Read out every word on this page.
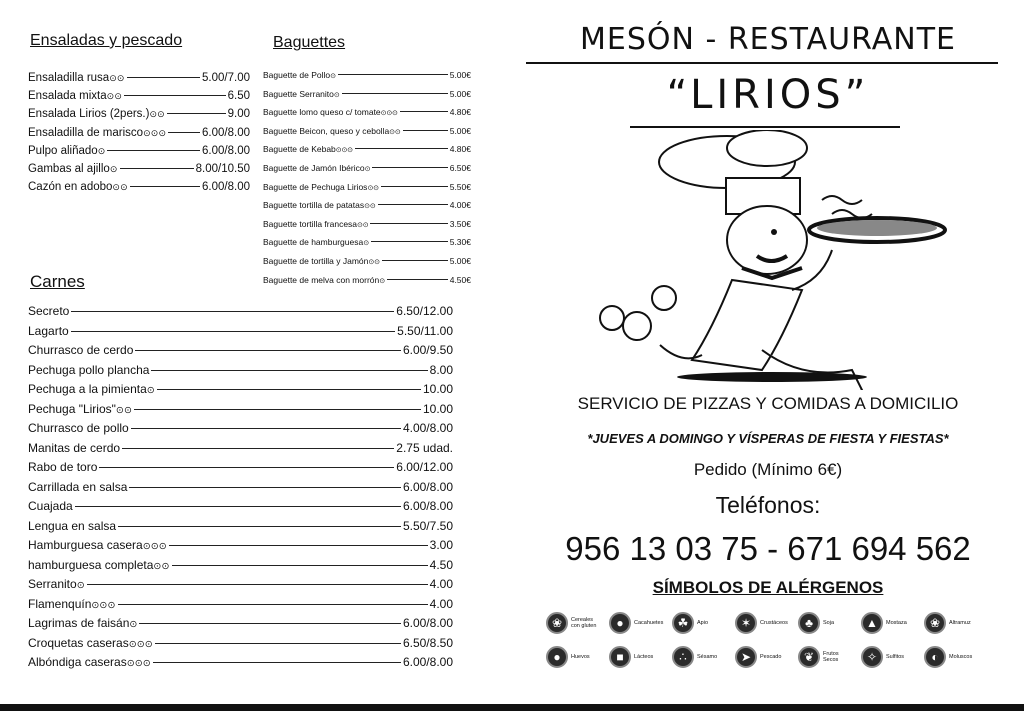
Ensaladas y pescado
Ensaladilla rusa ⊙⊙	5.00/7.00
Ensalada mixta ⊙⊙	6.50
Ensalada Lirios (2pers.) ⊙⊙	9.00
Ensaladilla de marisco ⊙⊙⊙	6.00/8.00
Pulpo aliñado ⊙	6.00/8.00
Gambas al ajillo ⊙	8.00/10.50
Cazón en adobo ⊙⊙	6.00/8.00
Baguettes
Baguette de Pollo ⊙	5.00€
Baguette Serranito ⊙	5.00€
Baguette lomo queso c/ tomate ⊙⊙⊙	4.80€
Baguette Beicon, queso y cebolla ⊙⊙	5.00€
Baguette de Kebab ⊙⊙⊙	4.80€
Baguette de Jamón Ibérico ⊙	6.50€
Baguette de Pechuga Lirios ⊙⊙	5.50€
Baguette tortilla de patatas ⊙⊙	4.00€
Baguette tortilla francesa ⊙⊙	3.50€
Baguette de hamburguesa ⊙	5.30€
Baguette de tortilla y Jamón ⊙⊙	5.00€
Baguette de melva con morrón ⊙	4.50€
Carnes
Secreto	6.50/12.00
Lagarto	5.50/11.00
Churrasco de cerdo	6.00/9.50
Pechuga pollo plancha	8.00
Pechuga a la pimienta ⊙	10.00
Pechuga "Lirios" ⊙⊙	10.00
Churrasco de pollo	4.00/8.00
Manitas de cerdo	2.75 udad.
Rabo de toro	6.00/12.00
Carrillada en salsa	6.00/8.00
Cuajada	6.00/8.00
Lengua en salsa	5.50/7.50
Hamburguesa casera ⊙⊙⊙	3.00
hamburguesa completa ⊙⊙	4.50
Serranito ⊙	4.00
Flamenquín ⊙⊙⊙	4.00
Lagrimas de faisán ⊙	6.00/8.00
Croquetas caseras ⊙⊙⊙	6.50/8.50
Albóndiga caseras ⊙⊙⊙	6.00/8.00
MESÓN - RESTAURANTE
“LIRIOS”
SERVICIO DE PIZZAS Y COMIDAS A DOMICILIO
*JUEVES A DOMINGO Y VÍSPERAS DE FIESTA Y FIESTAS*
Pedido (Mínimo 6€)
Teléfonos:
956 13 03 75 - 671 694 562
SÍMBOLOS DE ALÉRGENOS
❀	Cereales con gluten	●	Cacahuetes	☘	Apio	✶	Crustáceos	♣	Soja	▲	Mostaza	❀	Altramuz
●	Huevos	■	Lácteos	∴	Sésamo	➤	Pescado	❦	Frutos Secos	✧	Sulfitos	◐	Moluscos
